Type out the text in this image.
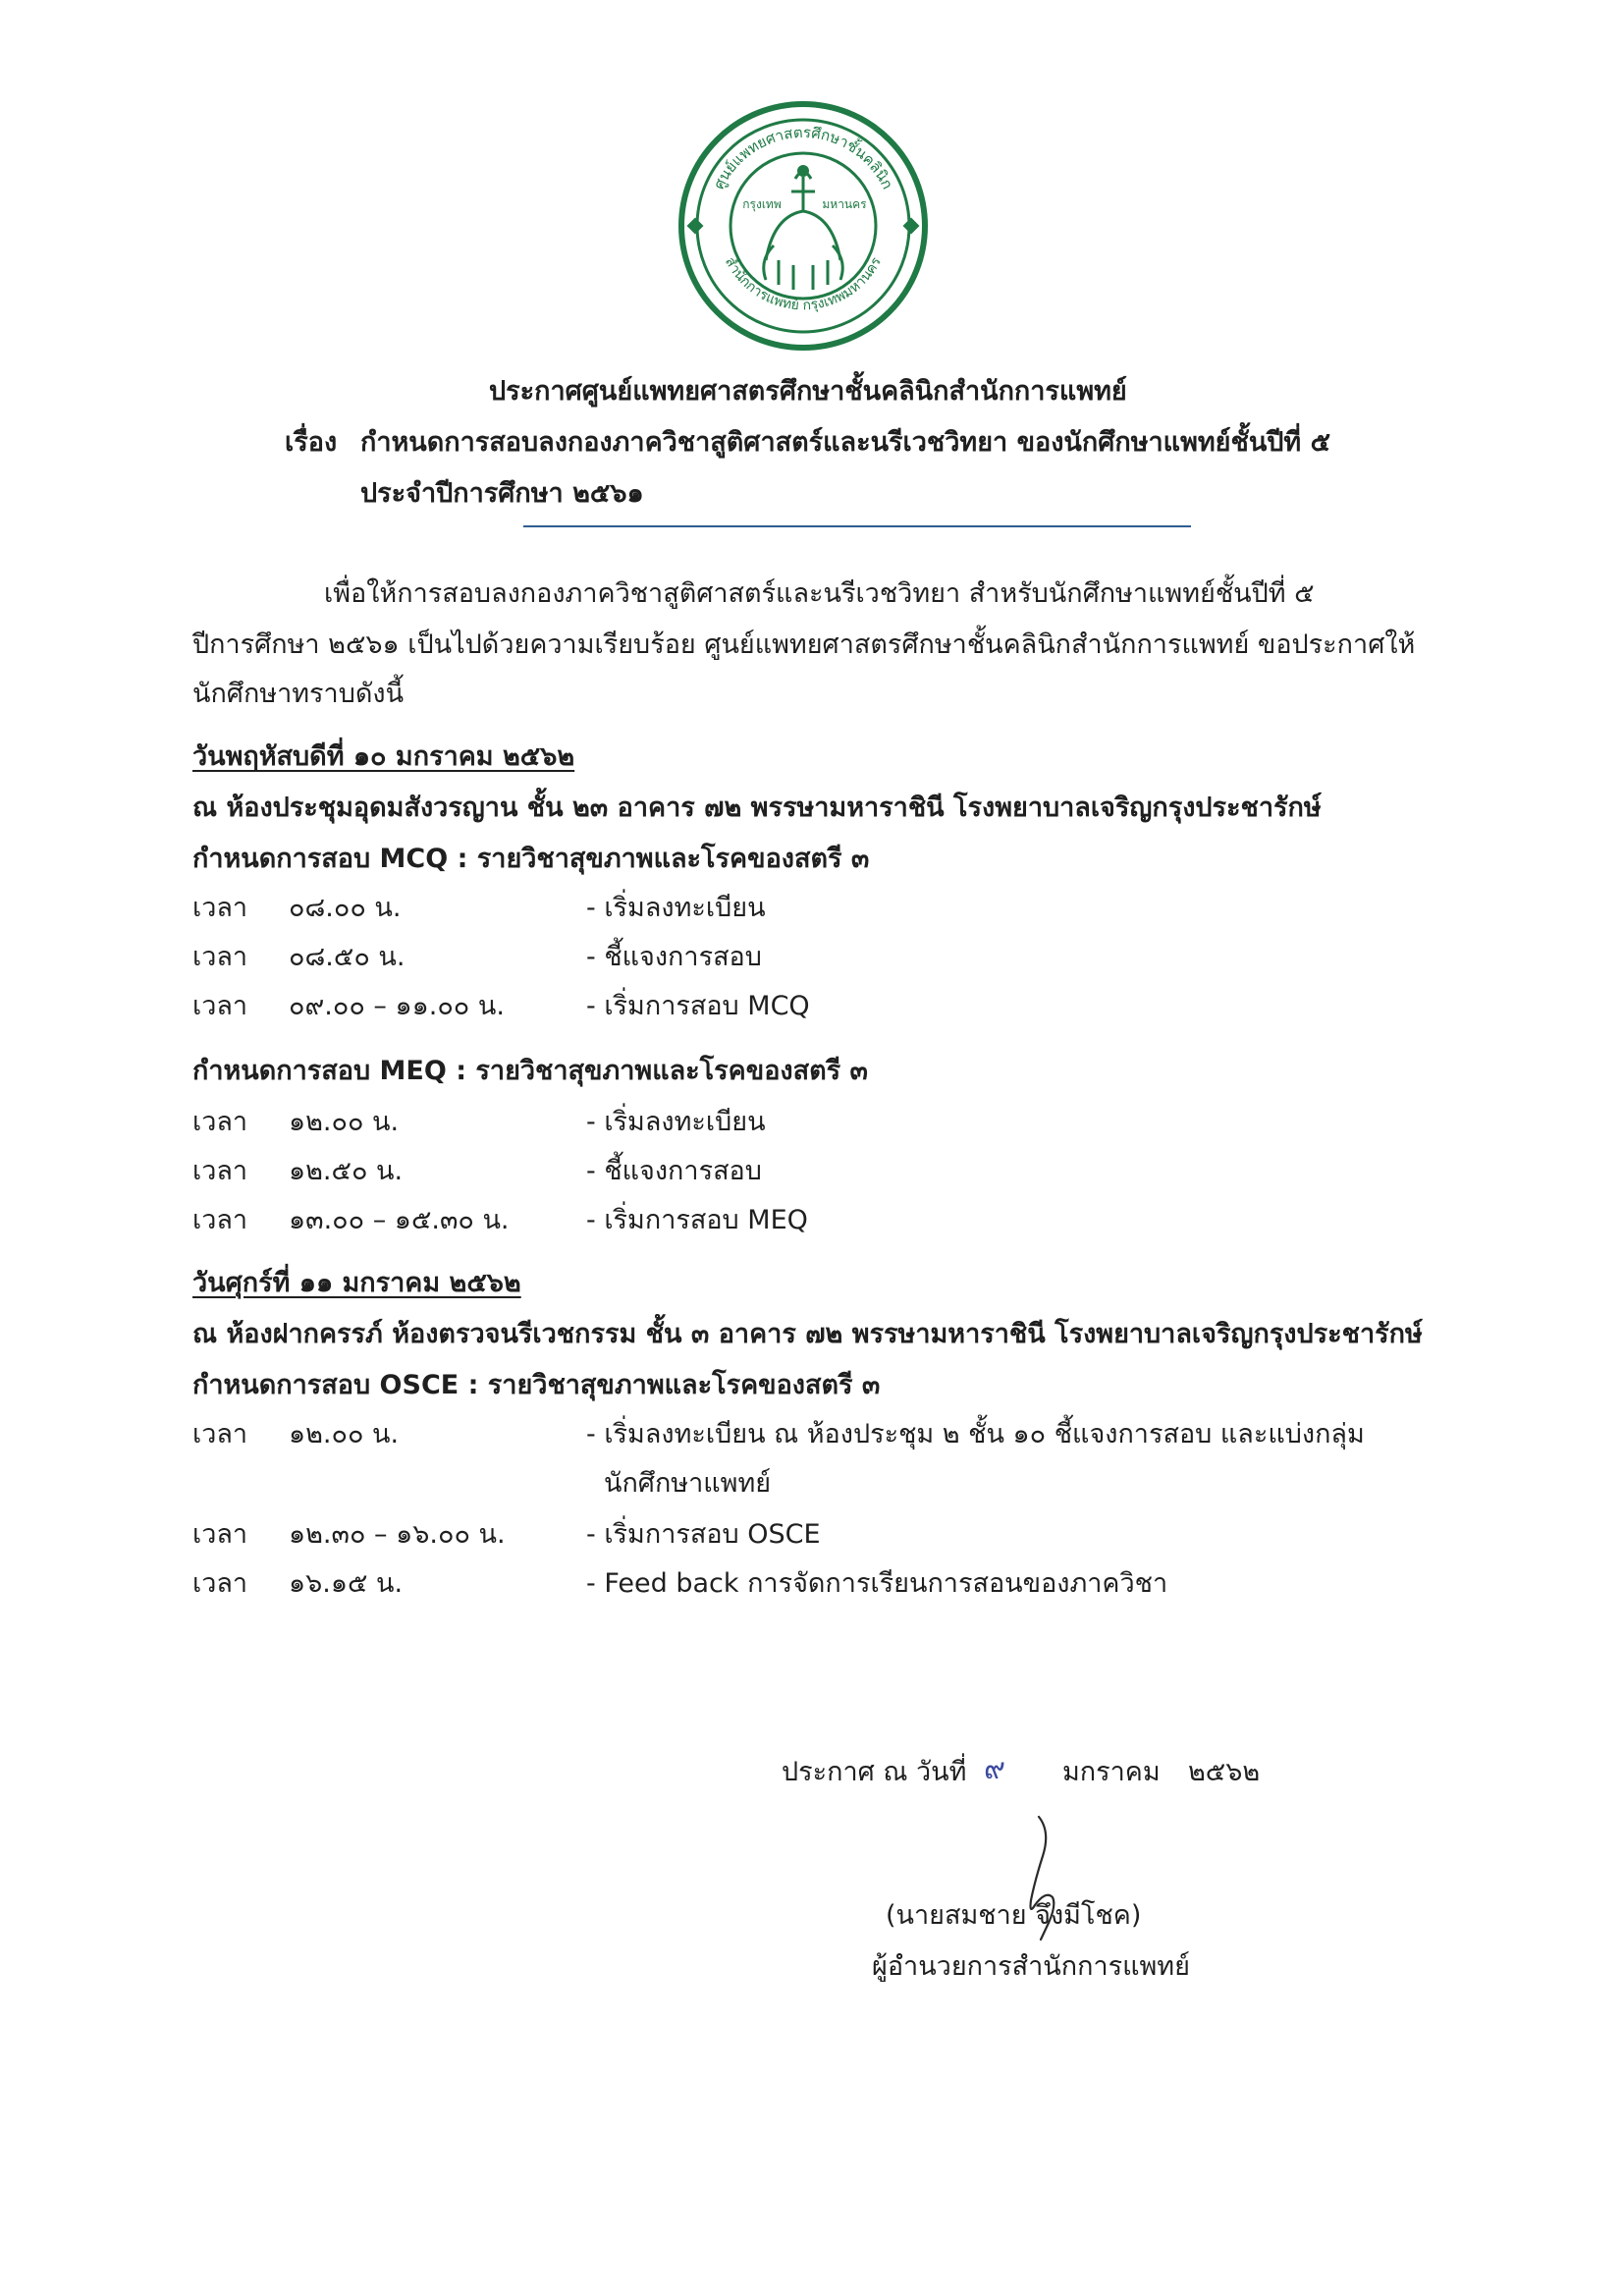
ศูนย์แพทยศาสตรศึกษาชั้นคลินิก
สำนักการแพทย์ กรุงเทพมหานคร
กรุงเทพ	มหานคร
ประกาศศูนย์แพทยศาสตรศึกษาชั้นคลินิกสำนักการแพทย์
เรื่อง กำหนดการสอบลงกองภาควิชาสูติศาสตร์และนรีเวชวิทยา ของนักศึกษาแพทย์ชั้นปีที่ ๕
ประจำปีการศึกษา ๒๕๖๑
เพื่อให้การสอบลงกองภาควิชาสูติศาสตร์และนรีเวชวิทยา สำหรับนักศึกษาแพทย์ชั้นปีที่ ๕
ปีการศึกษา ๒๕๖๑ เป็นไปด้วยความเรียบร้อย ศูนย์แพทยศาสตรศึกษาชั้นคลินิกสำนักการแพทย์ ขอประกาศให้
นักศึกษาทราบดังนี้
วันพฤหัสบดีที่ ๑๐ มกราคม ๒๕๖๒
ณ ห้องประชุมอุดมสังวรญาน ชั้น ๒๓ อาคาร ๗๒ พรรษามหาราชินี โรงพยาบาลเจริญกรุงประชารักษ์
กำหนดการสอบ MCQ : รายวิชาสุขภาพและโรคของสตรี ๓
เวลา ๐๘.๐๐ น.	- เริ่มลงทะเบียน
เวลา ๐๘.๕๐ น.	- ชี้แจงการสอบ
เวลา ๐๙.๐๐ – ๑๑.๐๐ น.	- เริ่มการสอบ MCQ
กำหนดการสอบ MEQ : รายวิชาสุขภาพและโรคของสตรี ๓
เวลา ๑๒.๐๐ น.	- เริ่มลงทะเบียน
เวลา ๑๒.๕๐ น.	- ชี้แจงการสอบ
เวลา ๑๓.๐๐ – ๑๕.๓๐ น.	- เริ่มการสอบ MEQ
วันศุกร์ที่ ๑๑ มกราคม ๒๕๖๒
ณ ห้องฝากครรภ์ ห้องตรวจนรีเวชกรรม ชั้น ๓ อาคาร ๗๒ พรรษามหาราชินี โรงพยาบาลเจริญกรุงประชารักษ์
กำหนดการสอบ OSCE : รายวิชาสุขภาพและโรคของสตรี ๓
เวลา ๑๒.๐๐ น.	- เริ่มลงทะเบียน ณ ห้องประชุม ๒ ชั้น ๑๐ ชี้แจงการสอบ และแบ่งกลุ่ม
นักศึกษาแพทย์
เวลา ๑๒.๓๐ – ๑๖.๐๐ น.	- เริ่มการสอบ OSCE
เวลา ๑๖.๑๕ น.	- Feed back การจัดการเรียนการสอนของภาควิชา
ประกาศ ณ วันที่ ๙ มกราคม ๒๕๖๒
(นายสมชาย จึงมีโชค)
ผู้อำนวยการสำนักการแพทย์
